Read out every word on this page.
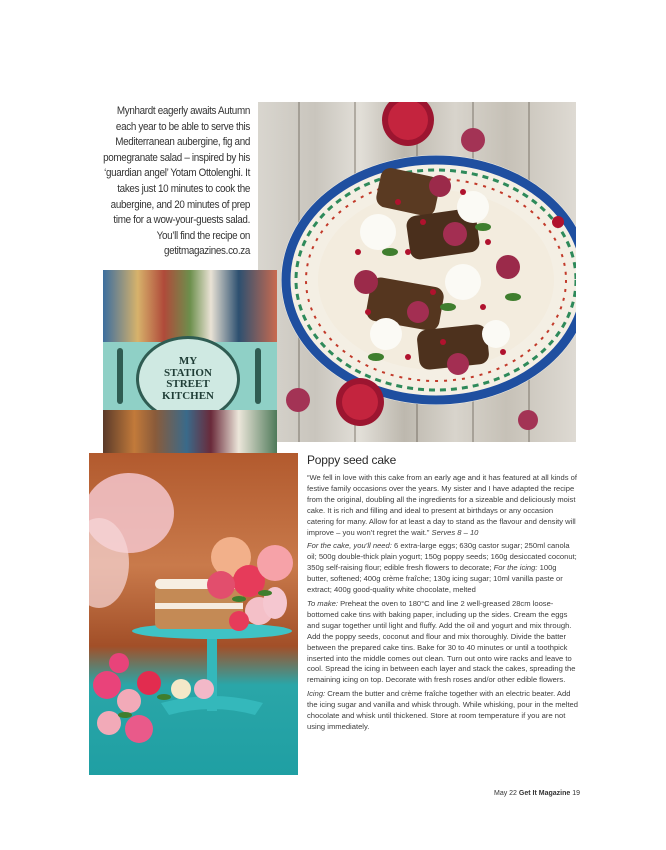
Mynhardt eagerly awaits Autumn each year to be able to serve this Mediterranean aubergine, fig and pomegranate salad – inspired by his ‘guardian angel’ Yotam Ottolenghi. It takes just 10 minutes to cook the aubergine, and 20 minutes of prep time for a wow-your-guests salad. You’ll find the recipe on getitmagazines.co.za
MY
STATION
STREET
KITCHEN
Poppy seed cake

“We fell in love with this cake from an early age and it has featured at all kinds of festive family occasions over the years. My sister and I have adapted the recipe from the original, doubling all the ingredients for a sizeable and deliciously moist cake. It is rich and filling and ideal to present at birthdays or any occasion catering for many. Allow for at least a day to stand as the flavour and density will improve – you won’t regret the wait.” Serves 8 – 10

For the cake, you’ll need: 6 extra-large eggs; 630g castor sugar; 250ml canola oil; 500g double-thick plain yogurt; 150g poppy seeds; 160g desiccated coconut; 350g self-raising flour; edible fresh flowers to decorate; For the icing: 100g butter, softened; 400g crème fraîche; 130g icing sugar; 10ml vanilla paste or extract; 400g good-quality white chocolate, melted

To make: Preheat the oven to 180°C and line 2 well-greased 28cm loose-bottomed cake tins with baking paper, including up the sides. Cream the eggs and sugar together until light and fluffy. Add the oil and yogurt and mix through. Add the poppy seeds, coconut and flour and mix thoroughly. Divide the batter between the prepared cake tins. Bake for 30 to 40 minutes or until a toothpick inserted into the middle comes out clean. Turn out onto wire racks and leave to cool. Spread the icing in between each layer and stack the cakes, spreading the remaining icing on top. Decorate with fresh roses and/or other edible flowers.

Icing: Cream the butter and crème fraîche together with an electric beater. Add the icing sugar and vanilla and whisk through. While whisking, pour in the melted chocolate and whisk until thickened. Store at room temperature if you are not using immediately.

May 22 Get It Magazine 19
